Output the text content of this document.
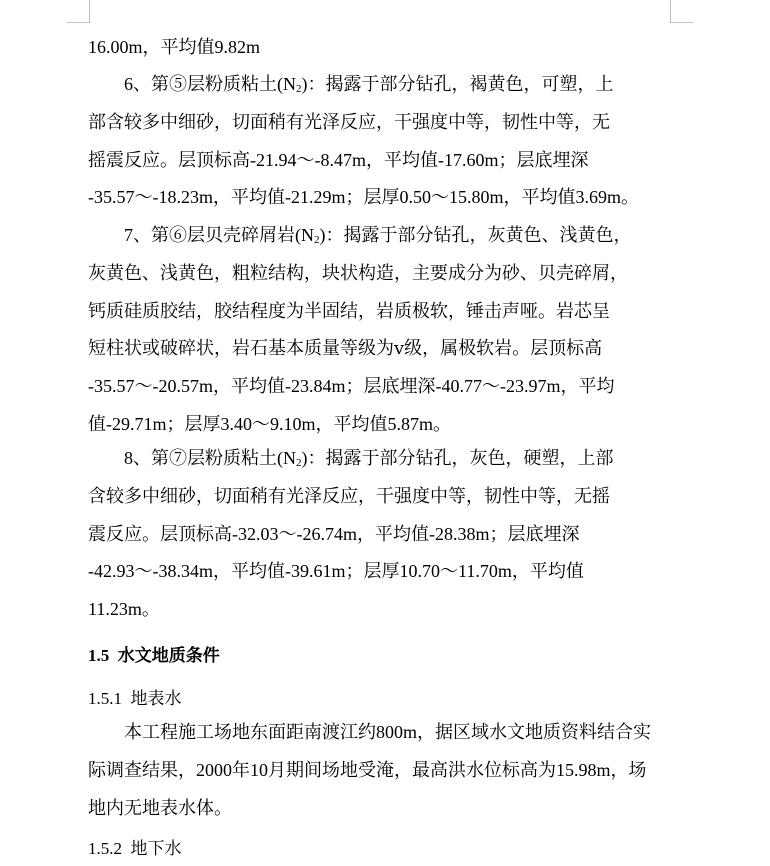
16.00m，平均值9.82m
6、第⑤层粉质粘土$(N_2)$：揭露于部分钻孔，褐黄色，可塑，上
部含较多中细砂，切面稍有光泽反应，干强度中等，韧性中等，无
摇震反应。层顶标高-21.94～-8.47m，平均值-17.60m；层底埋深
-35.57～-18.23m，平均值-21.29m；层厚0.50～15.80m，平均值3.69m。
7、第⑥层贝壳碎屑岩$(N_2)$：揭露于部分钻孔，灰黄色、浅黄色，
灰黄色、浅黄色，粗粒结构，块状构造，主要成分为砂、贝壳碎屑，
钙质硅质胶结，胶结程度为半固结，岩质极软，锤击声哑。岩芯呈
短柱状或破碎状，岩石基本质量等级为ⅴ级，属极软岩。层顶标高
-35.57～-20.57m，平均值-23.84m；层底埋深-40.77～-23.97m，平均
值-29.71m；层厚3.40～9.10m，平均值5.87m。
8、第⑦层粉质粘土$(N_2)$：揭露于部分钻孔，灰色，硬塑，上部
含较多中细砂，切面稍有光泽反应，干强度中等，韧性中等，无摇
震反应。层顶标高-32.03～-26.74m，平均值-28.38m；层底埋深
-42.93～-38.34m，平均值-39.61m；层厚10.70～11.70m，平均值
11.23m。
1.5 水文地质条件
1.5.1 地表水
本工程施工场地东面距南渡江约800m，据区域水文地质资料结合实
际调查结果，2000年10月期间场地受淹，最高洪水位标高为15.98m，场
地内无地表水体。
1.5.2 地下水
